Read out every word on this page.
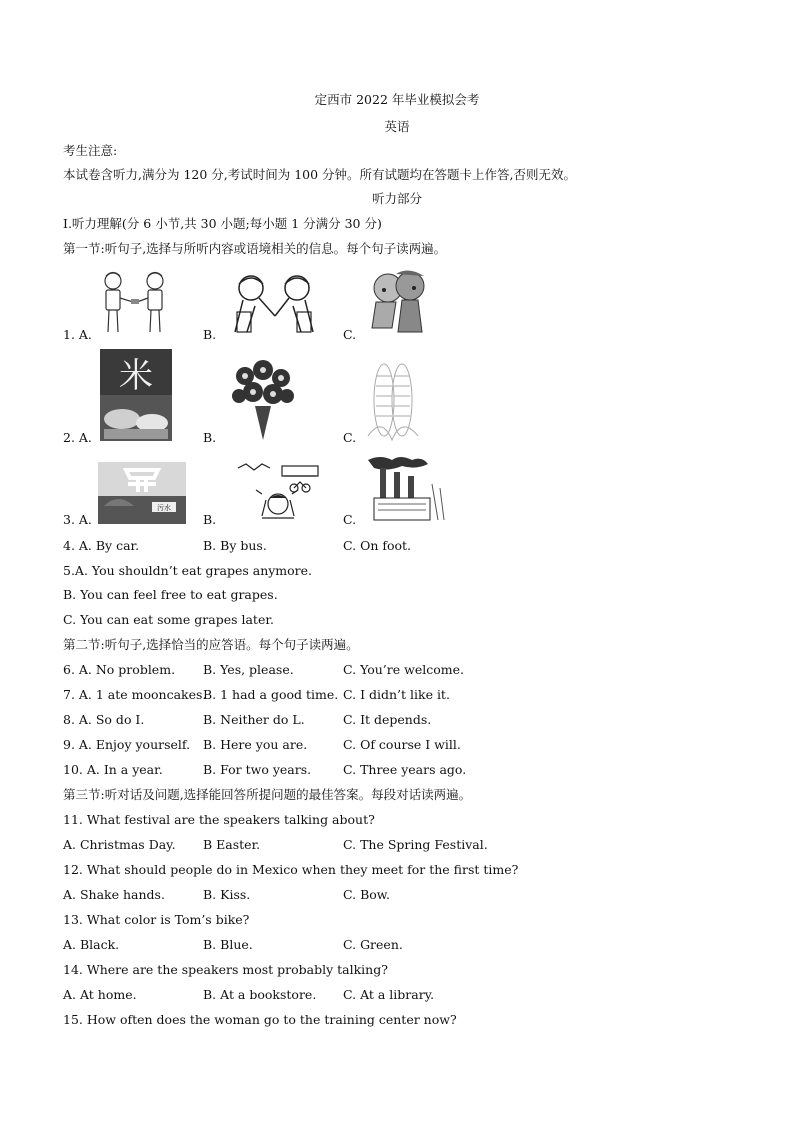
定西市 2022 年毕业模拟会考
英语
考生注意:
本试卷含听力,满分为 120 分,考试时间为 100 分钟。所有试题均在答题卡上作答,否则无效。
听力部分
Ⅰ.听力理解(分 6 小节,共 30 小题;每小题 1 分满分 30 分)
第一节:听句子,选择与所听内容或语境相关的信息。每个句子读两遍。
1. A.	B.	C.
米
2. A.	B.	C.
污水
3. A.	B.	C.
4. A. By car.	B. By bus.	C. On foot.
5.A. You shouldn’t eat grapes anymore.
B. You can feel free to eat grapes.
C. You can eat some grapes later.
第二节:听句子,选择恰当的应答语。每个句子读两遍。
6. A. No problem. B. Yes, please.	C. You’re welcome.
7. A. 1 ate mooncakes.
B. 1 had a good time. C. I didn’t like it.
8. A. So do I.	B. Neither do L.	C. It depends.
9. A. Enjoy yourself. B. Here you are.	C. Of course I will.
10. A. In a year.	B. For two years.	C. Three years ago.
第三节:听对话及问题,选择能回答所提问题的最佳答案。每段对话读两遍。
11. What festival are the speakers talking about?
A. Christmas Day. B Easter.	C. The Spring Festival.
12. What should people do in Mexico when they meet for the first time?
A. Shake hands.	B. Kiss.	C. Bow.
13. What color is Tom’s bike?
A. Black.	B. Blue.	C. Green.
14. Where are the speakers most probably talking?
A. At home.	B. At a bookstore. C. At a library.
15. How often does the woman go to the training center now?
